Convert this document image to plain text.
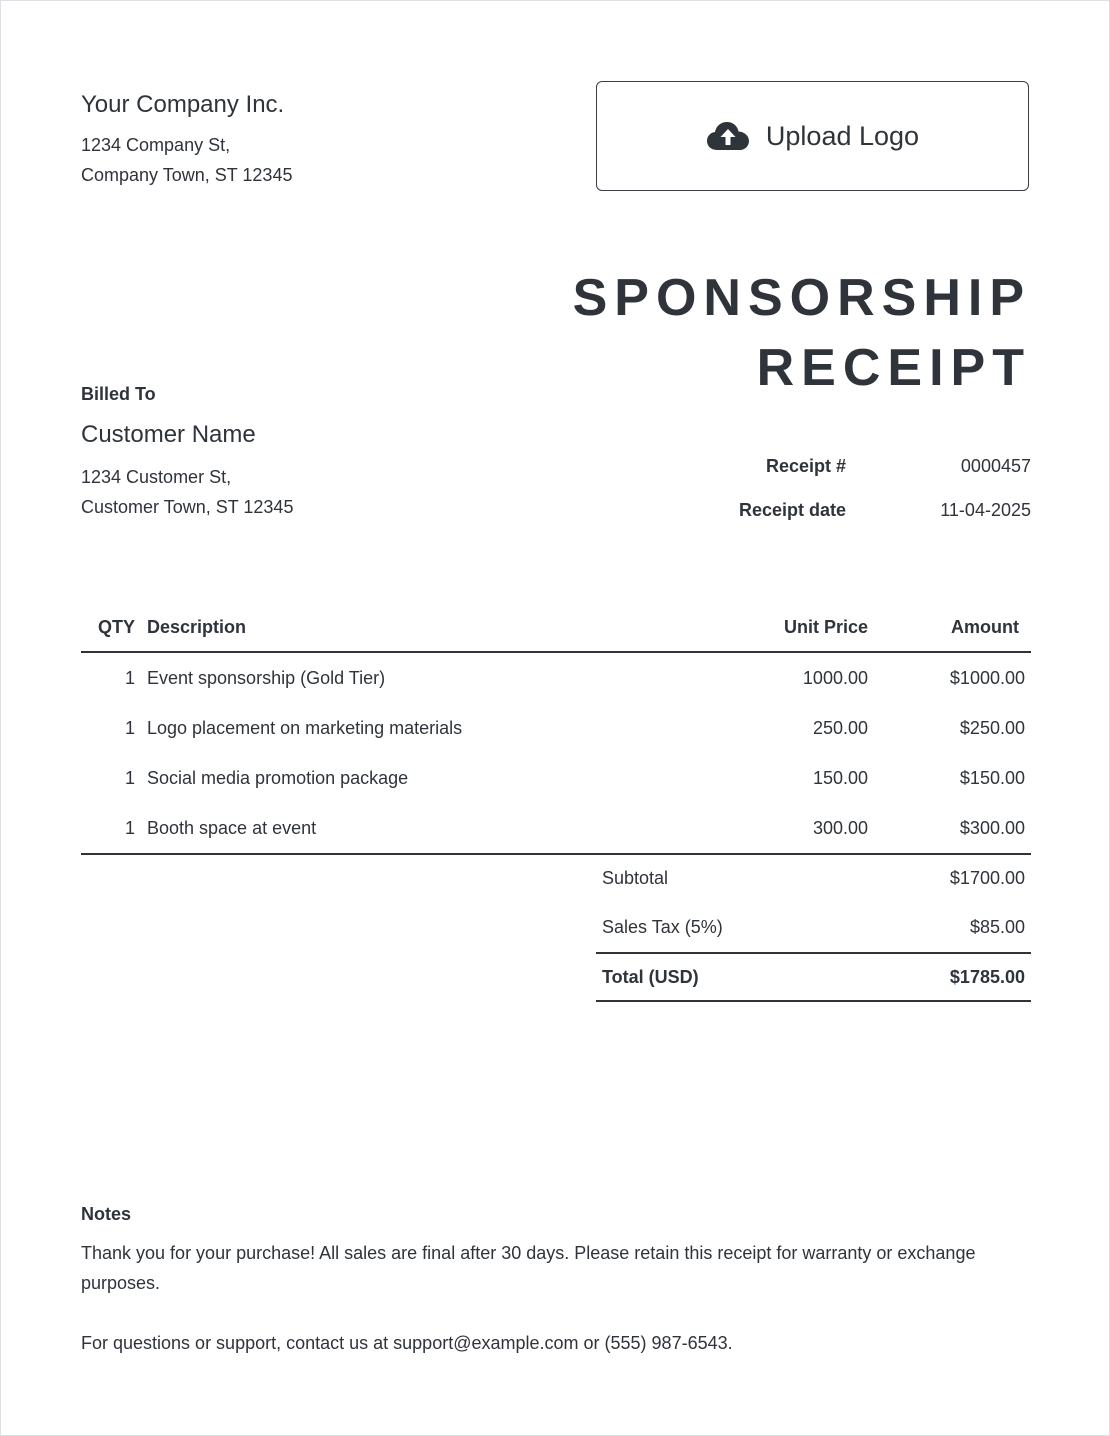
Your Company Inc.
1234 Company St,
Company Town, ST 12345
Upload Logo
SPONSORSHIP
RECEIPT
Billed To
Customer Name
1234 Customer St,
Customer Town, ST 12345
Receipt #	0000457
Receipt date	11-04-2025
QTY	Description	Unit Price	Amount
1	Event sponsorship (Gold Tier)	1000.00	$1000.00
1	Logo placement on marketing materials	250.00	$250.00
1	Social media promotion package	150.00	$150.00
1	Booth space at event	300.00	$300.00
Subtotal	$1700.00
Sales Tax (5%)	$85.00
Total (USD)	$1785.00
Notes
Thank you for your purchase! All sales are final after 30 days. Please retain this receipt for warranty or exchange purposes.
For questions or support, contact us at support@example.com or (555) 987-6543.
